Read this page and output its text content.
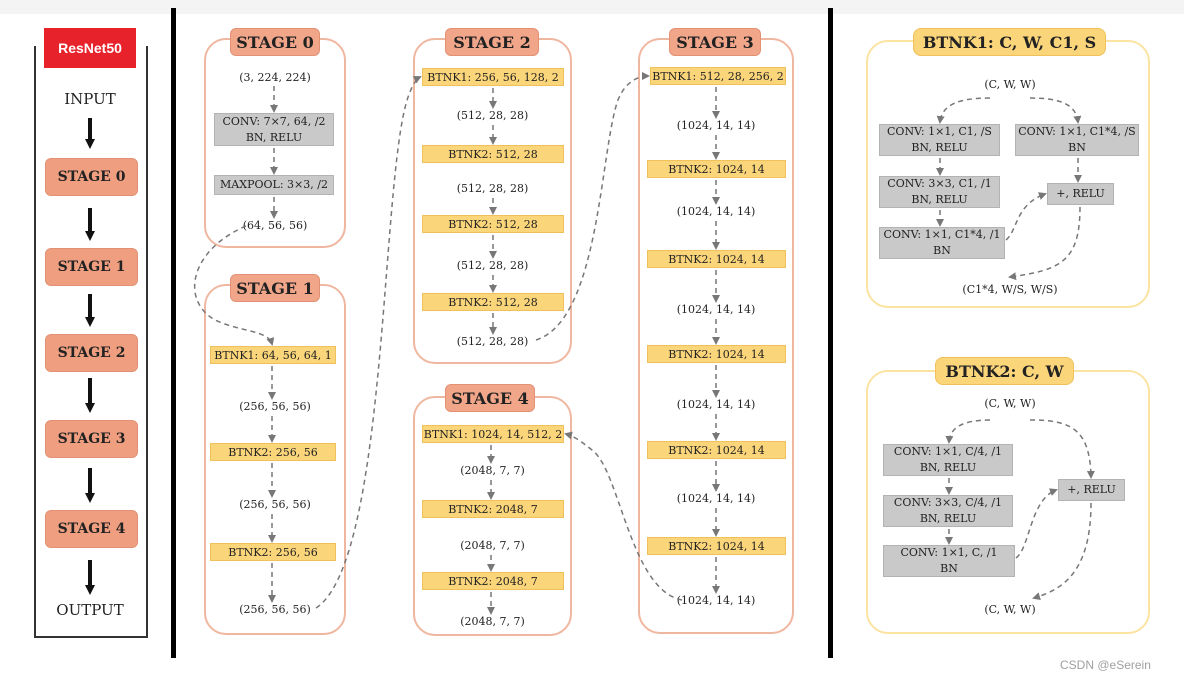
ResNet50
INPUT
STAGE 0
STAGE 1
STAGE 2
STAGE 3
STAGE 4
OUTPUT
STAGE 0
(3, 224, 224)
CONV: 7×7, 64, /2
BN, RELU
MAXPOOL: 3×3, /2
(64, 56, 56)
STAGE 1
BTNK1: 64, 56, 64, 1
(256, 56, 56)
BTNK2: 256, 56
(256, 56, 56)
BTNK2: 256, 56
(256, 56, 56)
STAGE 2
BTNK1: 256, 56, 128, 2
(512, 28, 28)
BTNK2: 512, 28
(512, 28, 28)
BTNK2: 512, 28
(512, 28, 28)
BTNK2: 512, 28
(512, 28, 28)
STAGE 4
BTNK1: 1024, 14, 512, 2
(2048, 7, 7)
BTNK2: 2048, 7
(2048, 7, 7)
BTNK2: 2048, 7
(2048, 7, 7)
STAGE 3
BTNK1: 512, 28, 256, 2
(1024, 14, 14)
BTNK2: 1024, 14
(1024, 14, 14)
BTNK2: 1024, 14
(1024, 14, 14)
BTNK2: 1024, 14
(1024, 14, 14)
BTNK2: 1024, 14
(1024, 14, 14)
BTNK2: 1024, 14
(1024, 14, 14)
BTNK1: C, W, C1, S
(C, W, W)
CONV: 1×1, C1, /S
BN, RELU
CONV: 1×1, C1*4, /S
BN
CONV: 3×3, C1, /1
BN, RELU	+, RELU
CONV: 1×1, C1*4, /1
BN
(C1*4, W/S, W/S)
BTNK2: C, W
(C, W, W)
CONV: 1×1, C/4, /1
BN, RELU
+, RELU
CONV: 3×3, C/4, /1
BN, RELU
CONV: 1×1, C, /1
BN
(C, W, W)
CSDN @eSerein
